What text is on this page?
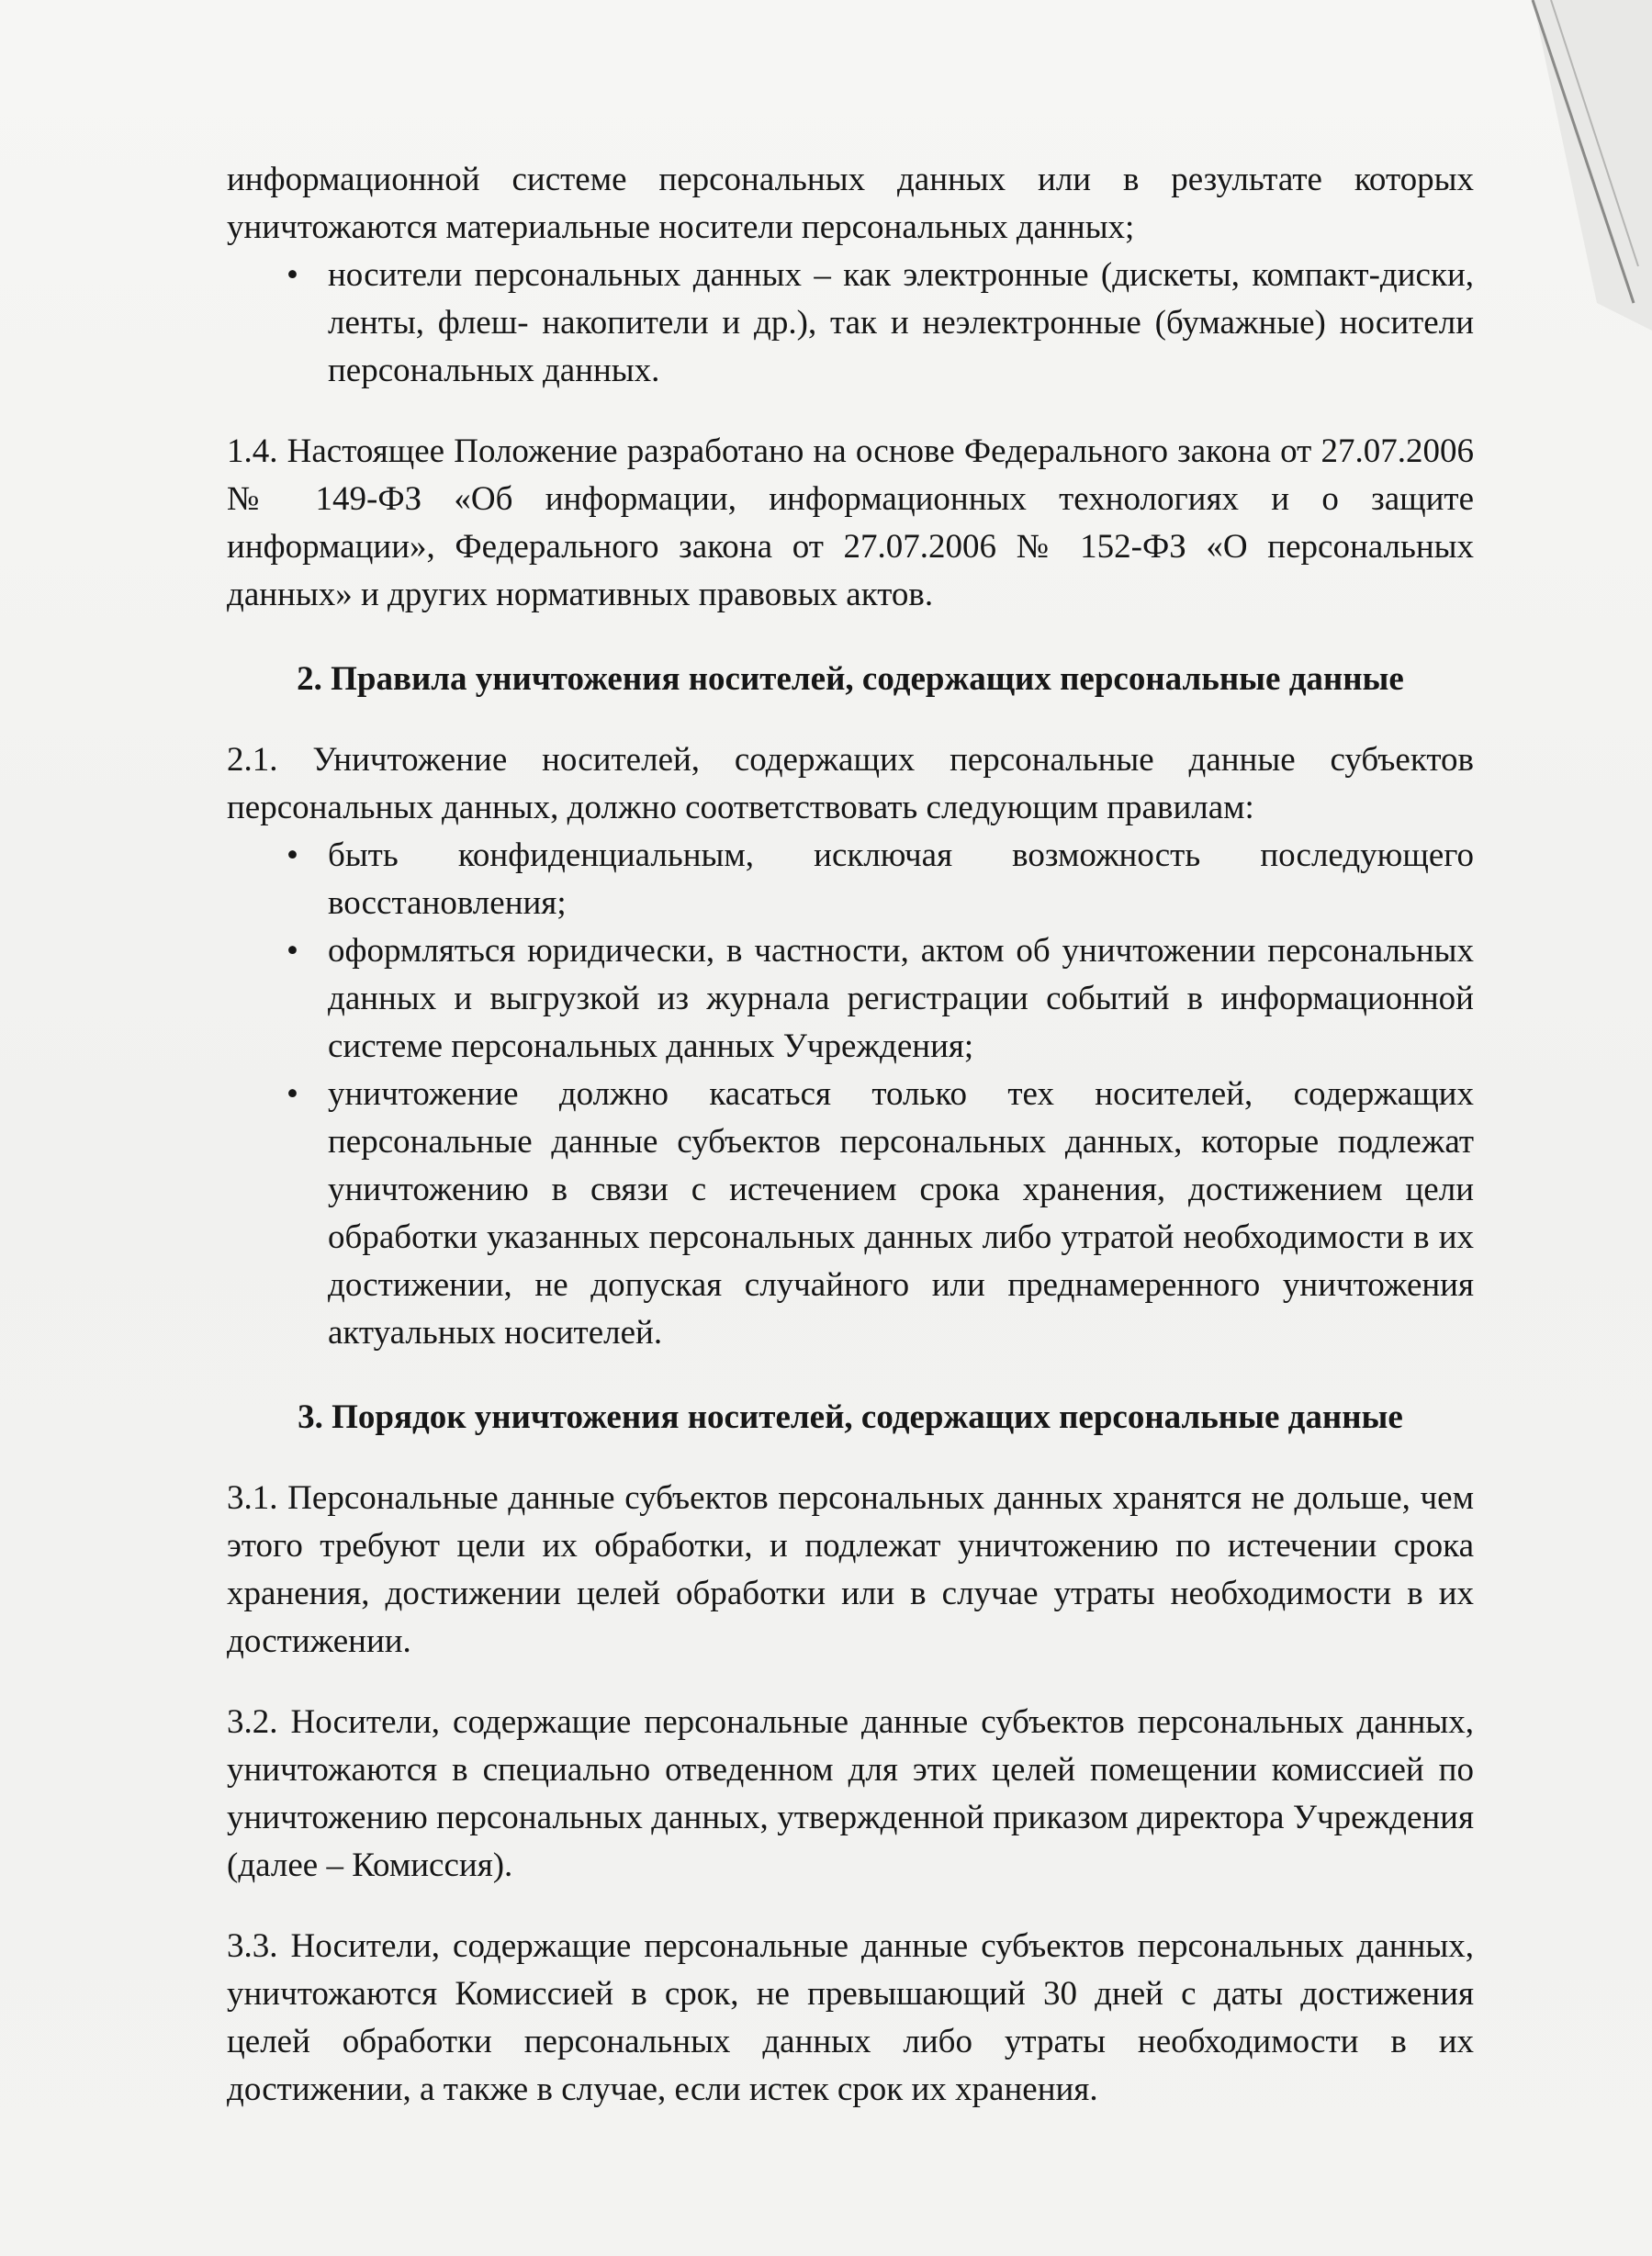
информационной системе персональных данных или в результате которых уничтожаются материальные носители персональных данных;

• носители персональных данных – как электронные (дискеты, компакт-диски, ленты, флеш- накопители и др.), так и неэлектронные (бумажные) носители персональных данных.

1.4. Настоящее Положение разработано на основе Федерального закона от 27.07.2006 № 149-ФЗ «Об информации, информационных технологиях и о защите информации», Федерального закона от 27.07.2006 № 152-ФЗ «О персональных данных» и других нормативных правовых актов.

2. Правила уничтожения носителей, содержащих персональные данные

2.1. Уничтожение носителей, содержащих персональные данные субъектов персональных данных, должно соответствовать следующим правилам:

• быть конфиденциальным, исключая возможность последующего восстановления;
• оформляться юридически, в частности, актом об уничтожении персональных данных и выгрузкой из журнала регистрации событий в информационной системе персональных данных Учреждения;
• уничтожение должно касаться только тех носителей, содержащих персональные данные субъектов персональных данных, которые подлежат уничтожению в связи с истечением срока хранения, достижением цели обработки указанных персональных данных либо утратой необходимости в их достижении, не допуская случайного или преднамеренного уничтожения актуальных носителей.
3. Порядок уничтожения носителей, содержащих персональные данные

3.1. Персональные данные субъектов персональных данных хранятся не дольше, чем этого требуют цели их обработки, и подлежат уничтожению по истечении срока хранения, достижении целей обработки или в случае утраты необходимости в их достижении.

3.2. Носители, содержащие персональные данные субъектов персональных данных, уничтожаются в специально отведенном для этих целей помещении комиссией по уничтожению персональных данных, утвержденной приказом директора Учреждения (далее – Комиссия).

3.3. Носители, содержащие персональные данные субъектов персональных данных, уничтожаются Комиссией в срок, не превышающий 30 дней с даты достижения целей обработки персональных данных либо утраты необходимости в их достижении, а также в случае, если истек срок их хранения.
